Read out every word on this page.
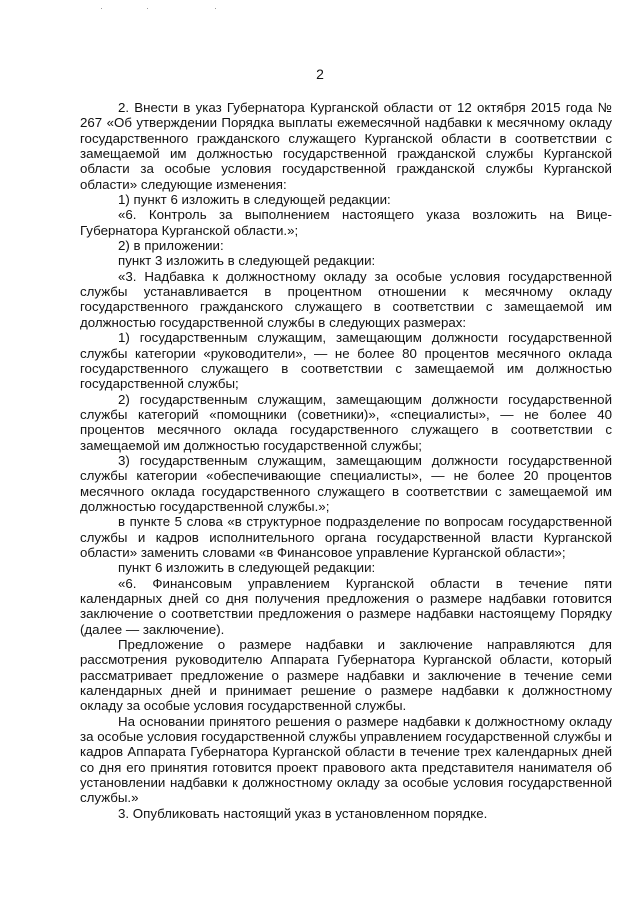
2

2. Внести в указ Губернатора Курганской области от 12 октября 2015 года № 267 «Об утверждении Порядка выплаты ежемесячной надбавки к месячному окладу государственного гражданского служащего Курганской области в соответствии с замещаемой им должностью государственной гражданской службы Курганской области за особые условия государственной гражданской службы Курганской области» следующие изменения:

1) пункт 6 изложить в следующей редакции:

«6. Контроль за выполнением настоящего указа возложить на Вице-Губернатора Курганской области.»;

2) в приложении:

пункт 3 изложить в следующей редакции:

«3. Надбавка к должностному окладу за особые условия государственной службы устанавливается в процентном отношении к месячному окладу государственного гражданского служащего в соответствии с замещаемой им должностью государственной службы в следующих размерах:

1) государственным служащим, замещающим должности государственной службы категории «руководители», — не более 80 процентов месячного оклада государственного служащего в соответствии с замещаемой им должностью государственной службы;

2) государственным служащим, замещающим должности государственной службы категорий «помощники (советники)», «специалисты», — не более 40 процентов месячного оклада государственного служащего в соответствии с замещаемой им должностью государственной службы;

3) государственным служащим, замещающим должности государственной службы категории «обеспечивающие специалисты», — не более 20 процентов месячного оклада государственного служащего в соответствии с замещаемой им должностью государственной службы.»;

в пункте 5 слова «в структурное подразделение по вопросам государственной службы и кадров исполнительного органа государственной власти Курганской области» заменить словами «в Финансовое управление Курганской области»;

пункт 6 изложить в следующей редакции:

«6. Финансовым управлением Курганской области в течение пяти календарных дней со дня получения предложения о размере надбавки готовится заключение о соответствии предложения о размере надбавки настоящему Порядку (далее — заключение).

Предложение о размере надбавки и заключение направляются для рассмотрения руководителю Аппарата Губернатора Курганской области, который рассматривает предложение о размере надбавки и заключение в течение семи календарных дней и принимает решение о размере надбавки к должностному окладу за особые условия государственной службы.

На основании принятого решения о размере надбавки к должностному окладу за особые условия государственной службы управлением государственной службы и кадров Аппарата Губернатора Курганской области в течение трех календарных дней со дня его принятия готовится проект правового акта представителя нанимателя об установлении надбавки к должностному окладу за особые условия государственной службы.»

3. Опубликовать настоящий указ в установленном порядке.
